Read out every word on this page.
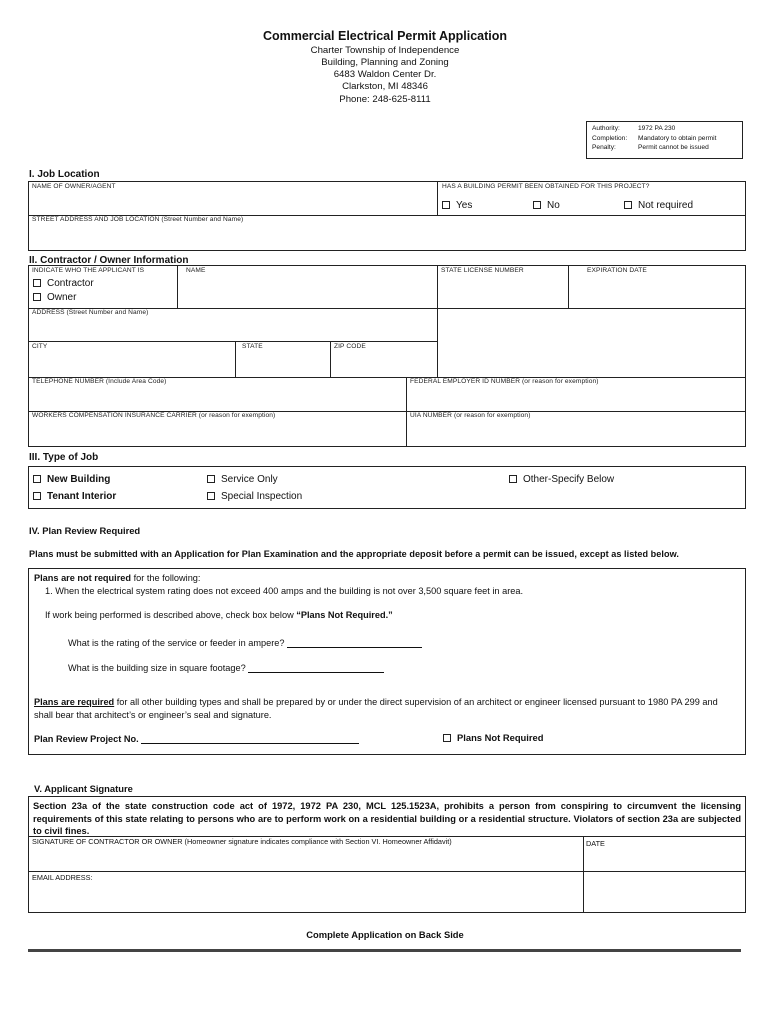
Commercial Electrical Permit Application
Charter Township of Independence
Building, Planning and Zoning
6483 Waldon Center Dr.
Clarkston, MI 48346
Phone: 248-625-8111
Authority:	1972 PA 230
Completion: Mandatory to obtain permit
Penalty:	Permit cannot be issued
I. Job Location
NAME OF OWNER/AGENT	HAS A BUILDING PERMIT BEEN OBTAINED FOR THIS PROJECT?
Yes	No	Not required
STREET ADDRESS AND JOB LOCATION (Street Number and Name)
II. Contractor / Owner Information
INDICATE WHO THE APPLICANT IS
Contractor
Owner
NAME	STATE LICENSE NUMBER	EXPIRATION DATE
ADDRESS (Street Number and Name)
CITY	STATE	ZIP CODE
TELEPHONE NUMBER (Include Area Code)	FEDERAL EMPLOYER ID NUMBER (or reason for exemption)
WORKERS COMPENSATION INSURANCE CARRIER (or reason for exemption)	UIA NUMBER (or reason for exemption)
III. Type of Job
New Building
Tenant Interior
Service Only
Special Inspection
Other-Specify Below
IV. Plan Review Required
Plans must be submitted with an Application for Plan Examination and the appropriate deposit before a permit can be issued, except as listed below.
Plans are not required for the following:
1. When the electrical system rating does not exceed 400 amps and the building is not over 3,500 square feet in area.
If work being performed is described above, check box below “Plans Not Required.”
What is the rating of the service or feeder in ampere?
What is the building size in square footage?
Plans are required for all other building types and shall be prepared by or under the direct supervision of an architect or engineer licensed pursuant to 1980 PA 299 and shall bear that architect’s or engineer’s seal and signature.
Plan Review Project No.	Plans Not Required
V. Applicant Signature
Section 23a of the state construction code act of 1972, 1972 PA 230, MCL 125.1523A, prohibits a person from conspiring to circumvent the licensing requirements of this state relating to persons who are to perform work on a residential building or a residential structure. Violators of section 23a are subjected to civil fines.
SIGNATURE OF CONTRACTOR OR OWNER (Homeowner signature indicates compliance with Section VI. Homeowner Affidavit)	DATE
EMAIL ADDRESS:
Complete Application on Back Side
